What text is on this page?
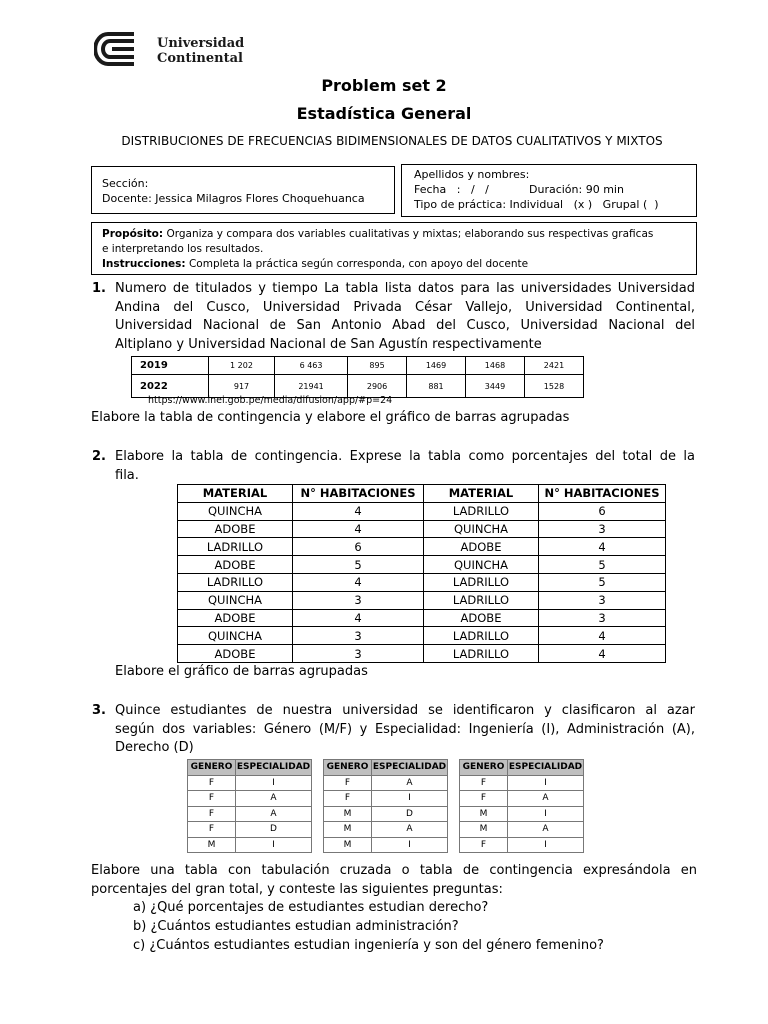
Universidad
Continental
Problem set 2
Estadística General
DISTRIBUCIONES DE FRECUENCIAS BIDIMENSIONALES DE DATOS CUALITATIVOS Y MIXTOS
Sección:
Docente: Jessica Milagros Flores Choquehuanca
Apellidos y nombres:
Fecha   :   /   /	Duración: 90 min
Tipo de práctica: Individual   (x )   Grupal (  )
Propósito: Organiza y compara dos variables cualitativas y mixtas; elaborando sus respectivas graficas
e interpretando los resultados.
Instrucciones: Completa la práctica según corresponda, con apoyo del docente
1. Numero de titulados y tiempo La tabla lista datos para las universidades Universidad
Andina del Cusco, Universidad Privada César Vallejo, Universidad Continental,
Universidad Nacional de San Antonio Abad del Cusco, Universidad Nacional del
Altiplano y Universidad Nacional de San Agustín respectivamente
2019	1 202	6 463	895	1469	1468	2421
2022	917	21941	2906	881	3449	1528
https://www.inei.gob.pe/media/difusion/app/#p=24
Elabore la tabla de contingencia y elabore el gráfico de barras agrupadas
2. Elabore la tabla de contingencia. Exprese la tabla como porcentajes del total de la
fila.
MATERIAL	N° HABITACIONES	MATERIAL	N° HABITACIONES
QUINCHA	4	LADRILLO	6
ADOBE	4	QUINCHA	3
LADRILLO	6	ADOBE	4
ADOBE	5	QUINCHA	5
LADRILLO	4	LADRILLO	5
QUINCHA	3	LADRILLO	3
ADOBE	4	ADOBE	3
QUINCHA	3	LADRILLO	4
ADOBE	3	LADRILLO	4
Elabore el gráfico de barras agrupadas
3. Quince estudiantes de nuestra universidad se identificaron y clasificaron al azar
según dos variables: Género (M/F) y Especialidad: Ingeniería (I), Administración (A),
Derecho (D)
GENERO	ESPECIALIDAD
F	I
F	A
F	A
F	D
M	I
GENERO	ESPECIALIDAD
F	A
F	I
M	D
M	A
M	I
GENERO	ESPECIALIDAD
F	I
F	A
M	I
M	A
F	I
Elabore una tabla con tabulación cruzada o tabla de contingencia expresándola en
porcentajes del gran total, y conteste las siguientes preguntas:
a) ¿Qué porcentajes de estudiantes estudian derecho?
b) ¿Cuántos estudiantes estudian administración?
c) ¿Cuántos estudiantes estudian ingeniería y son del género femenino?
